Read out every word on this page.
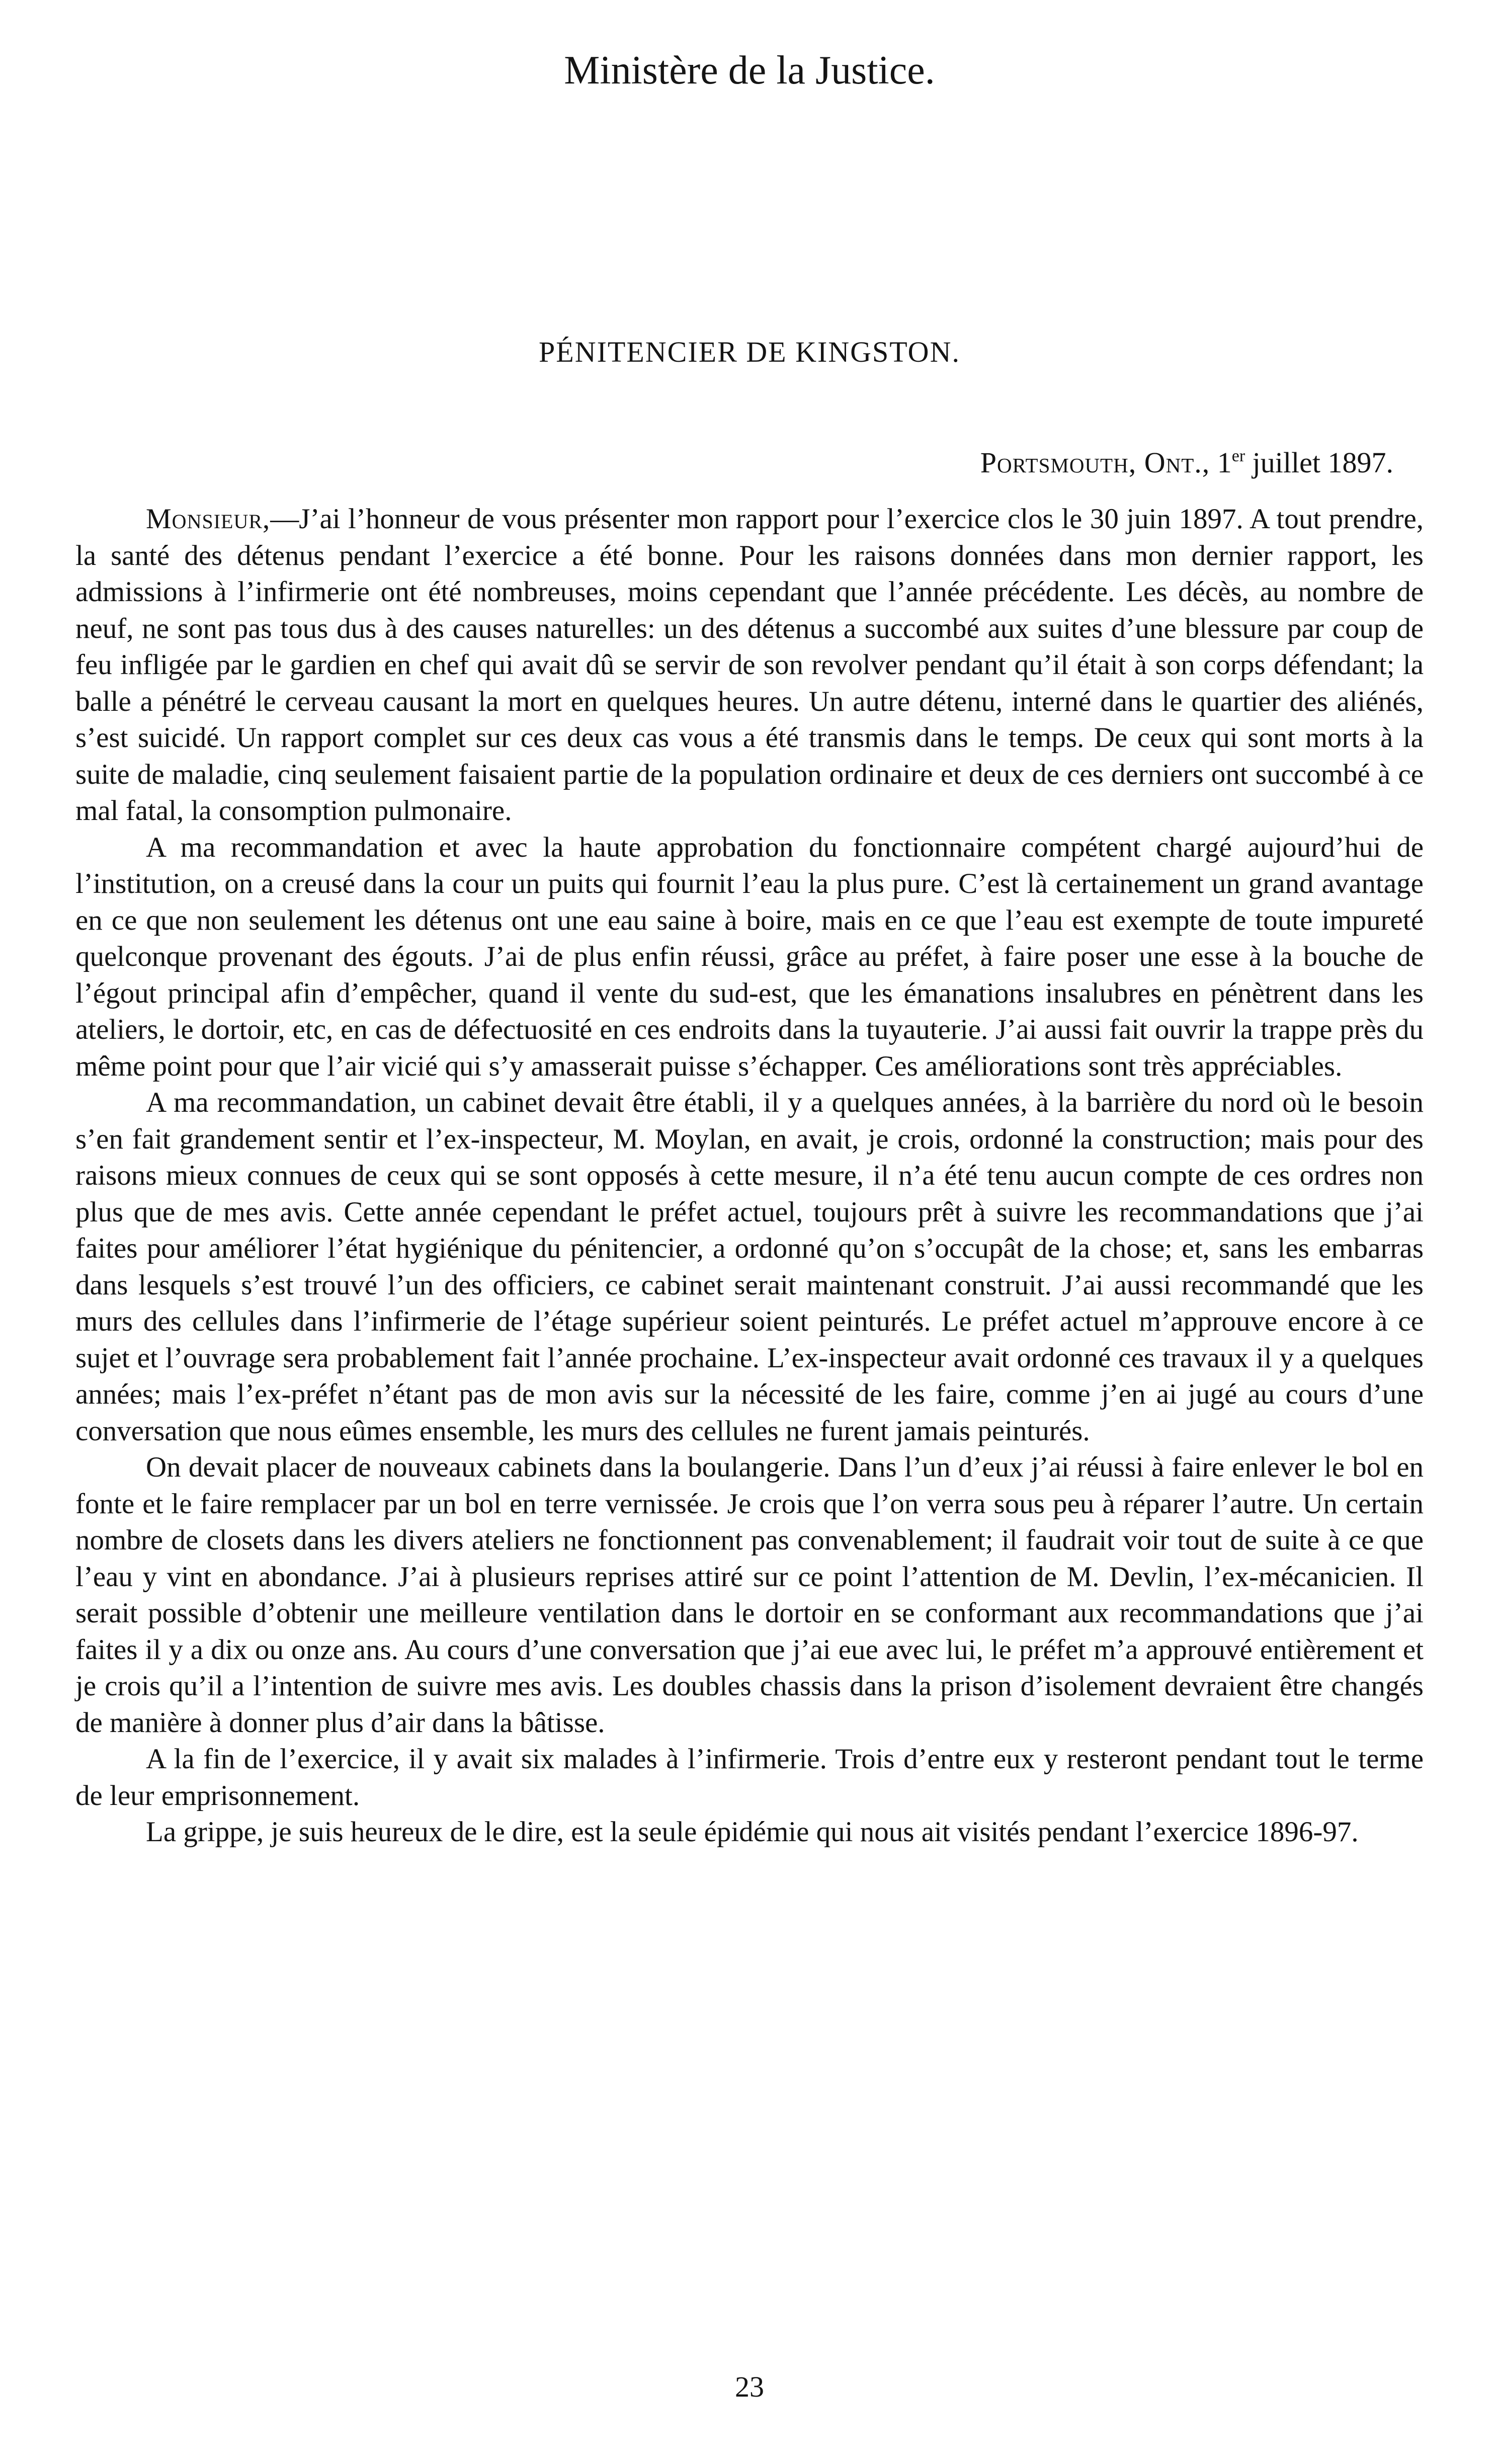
Ministère de la Justice.
PÉNITENCIER DE KINGSTON.
Portsmouth, Ont., 1er juillet 1897.

Monsieur,—J’ai l’honneur de vous présenter mon rapport pour l’exercice clos le 30 juin 1897. A tout prendre, la santé des détenus pendant l’exercice a été bonne. Pour les raisons données dans mon dernier rapport, les admissions à l’infirmerie ont été nombreuses, moins cependant que l’année précédente. Les décès, au nombre de neuf, ne sont pas tous dus à des causes naturelles: un des détenus a succombé aux suites d’une blessure par coup de feu infligée par le gardien en chef qui avait dû se servir de son revolver pendant qu’il était à son corps défendant; la balle a pénétré le cerveau causant la mort en quelques heures. Un autre détenu, interné dans le quartier des aliénés, s’est suicidé. Un rapport complet sur ces deux cas vous a été transmis dans le temps. De ceux qui sont morts à la suite de maladie, cinq seulement faisaient partie de la population ordinaire et deux de ces derniers ont succombé à ce mal fatal, la consomption pulmonaire.

A ma recommandation et avec la haute approbation du fonctionnaire compétent chargé aujourd’hui de l’institution, on a creusé dans la cour un puits qui fournit l’eau la plus pure. C’est là certainement un grand avantage en ce que non seulement les détenus ont une eau saine à boire, mais en ce que l’eau est exempte de toute impureté quelconque provenant des égouts. J’ai de plus enfin réussi, grâce au préfet, à faire poser une esse à la bouche de l’égout principal afin d’empêcher, quand il vente du sud-est, que les émanations insalubres en pénètrent dans les ateliers, le dortoir, etc, en cas de défectuosité en ces endroits dans la tuyauterie. J’ai aussi fait ouvrir la trappe près du même point pour que l’air vicié qui s’y amasserait puisse s’échapper. Ces améliorations sont très appréciables.

A ma recommandation, un cabinet devait être établi, il y a quelques années, à la barrière du nord où le besoin s’en fait grandement sentir et l’ex-inspecteur, M. Moylan, en avait, je crois, ordonné la construction; mais pour des raisons mieux connues de ceux qui se sont opposés à cette mesure, il n’a été tenu aucun compte de ces ordres non plus que de mes avis. Cette année cependant le préfet actuel, toujours prêt à suivre les recommandations que j’ai faites pour améliorer l’état hygiénique du pénitencier, a ordonné qu’on s’occupât de la chose; et, sans les embarras dans lesquels s’est trouvé l’un des officiers, ce cabinet serait maintenant construit. J’ai aussi recommandé que les murs des cellules dans l’infirmerie de l’étage supérieur soient peinturés. Le préfet actuel m’approuve encore à ce sujet et l’ouvrage sera probablement fait l’année prochaine. L’ex-inspecteur avait ordonné ces travaux il y a quelques années; mais l’ex-préfet n’étant pas de mon avis sur la nécessité de les faire, comme j’en ai jugé au cours d’une conversation que nous eûmes ensemble, les murs des cellules ne furent jamais peinturés.

On devait placer de nouveaux cabinets dans la boulangerie. Dans l’un d’eux j’ai réussi à faire enlever le bol en fonte et le faire remplacer par un bol en terre vernissée. Je crois que l’on verra sous peu à réparer l’autre. Un certain nombre de closets dans les divers ateliers ne fonctionnent pas convenablement; il faudrait voir tout de suite à ce que l’eau y vint en abondance. J’ai à plusieurs reprises attiré sur ce point l’attention de M. Devlin, l’ex-mécanicien. Il serait possible d’obtenir une meilleure ventilation dans le dortoir en se conformant aux recommandations que j’ai faites il y a dix ou onze ans. Au cours d’une conversation que j’ai eue avec lui, le préfet m’a approuvé entièrement et je crois qu’il a l’intention de suivre mes avis. Les doubles chassis dans la prison d’isolement devraient être changés de manière à donner plus d’air dans la bâtisse.

A la fin de l’exercice, il y avait six malades à l’infirmerie. Trois d’entre eux y resteront pendant tout le terme de leur emprisonnement.

La grippe, je suis heureux de le dire, est la seule épidémie qui nous ait visités pendant l’exercice 1896-97.

23
